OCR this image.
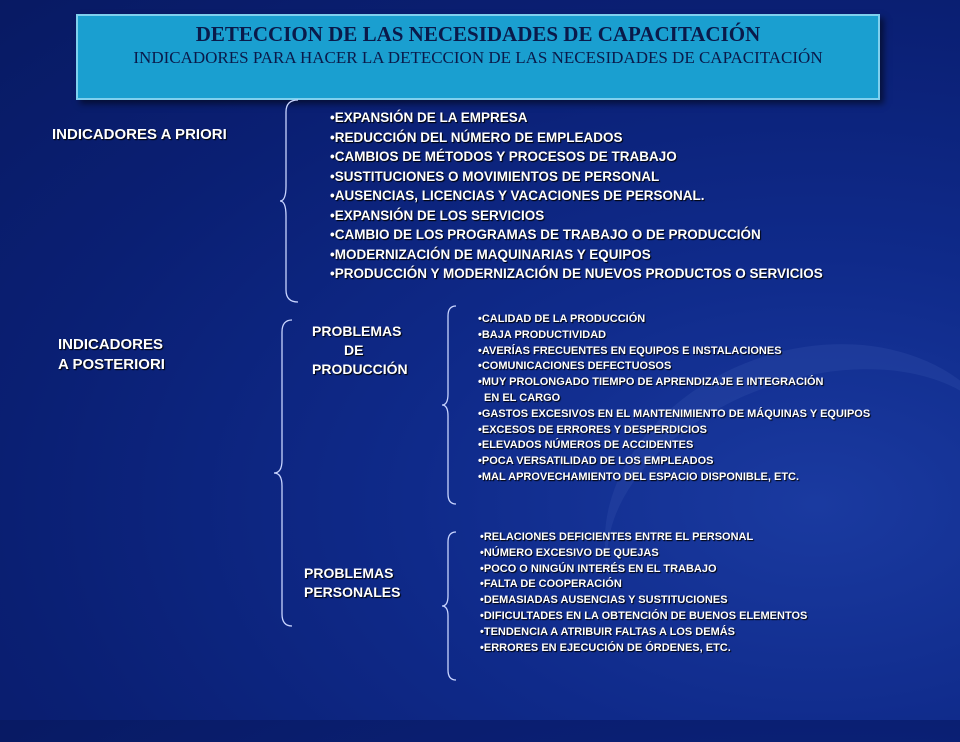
DETECCION DE LAS NECESIDADES DE CAPACITACIÓN
INDICADORES PARA HACER LA DETECCION DE LAS NECESIDADES DE CAPACITACIÓN
INDICADORES A PRIORI
• EXPANSIÓN DE LA EMPRESA
• REDUCCIÓN DEL NÚMERO DE EMPLEADOS
• CAMBIOS DE MÉTODOS Y PROCESOS DE TRABAJO
• SUSTITUCIONES O MOVIMIENTOS DE PERSONAL
• AUSENCIAS, LICENCIAS Y VACACIONES DE PERSONAL.
• EXPANSIÓN DE LOS SERVICIOS
• CAMBIO DE LOS PROGRAMAS DE TRABAJO O DE PRODUCCIÓN
• MODERNIZACIÓN DE MAQUINARIAS Y EQUIPOS
• PRODUCCIÓN Y MODERNIZACIÓN DE NUEVOS PRODUCTOS O SERVICIOS
INDICADORES
A POSTERIORI
PROBLEMAS
DE
PRODUCCIÓN
• CALIDAD DE LA PRODUCCIÓN
• BAJA PRODUCTIVIDAD
• AVERÍAS FRECUENTES EN EQUIPOS E INSTALACIONES
• COMUNICACIONES DEFECTUOSOS
• MUY PROLONGADO TIEMPO DE APRENDIZAJE E INTEGRACIÓN
EN EL CARGO
• GASTOS EXCESIVOS EN EL MANTENIMIENTO DE MÁQUINAS Y EQUIPOS
• EXCESOS DE ERRORES Y DESPERDICIOS
• ELEVADOS NÚMEROS DE ACCIDENTES
• POCA VERSATILIDAD DE LOS EMPLEADOS
• MAL APROVECHAMIENTO DEL ESPACIO DISPONIBLE, ETC.
PROBLEMAS
PERSONALES
• RELACIONES DEFICIENTES ENTRE EL PERSONAL
• NÚMERO EXCESIVO DE QUEJAS
• POCO O NINGÚN INTERÉS EN EL TRABAJO
• FALTA DE COOPERACIÓN
• DEMASIADAS AUSENCIAS Y SUSTITUCIONES
• DIFICULTADES EN LA OBTENCIÓN DE BUENOS ELEMENTOS
• TENDENCIA A ATRIBUIR FALTAS A LOS DEMÁS
• ERRORES EN EJECUCIÓN DE ÓRDENES, ETC.
